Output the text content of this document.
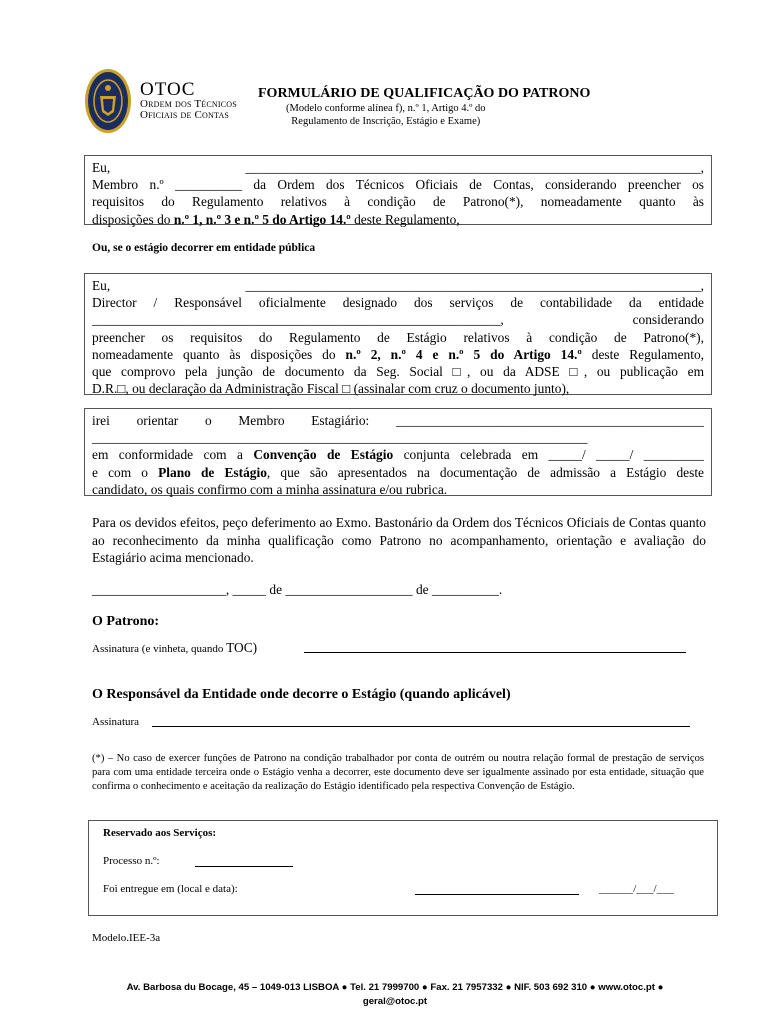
OTOC
Ordem dos Técnicos
Oficiais de Contas
FORMULÁRIO DE QUALIFICAÇÃO DO PATRONO
(Modelo conforme alínea f), n.º 1, Artigo 4.º do
Regulamento de Inscrição, Estágio e Exame)
Eu, ____________________________________________________________________,
Membro n.º __________ da Ordem dos Técnicos Oficiais de Contas, considerando preencher os
requisitos do Regulamento relativos à condição de Patrono(*), nomeadamente quanto às
disposições do n.º 1, n.º 3 e n.º 5 do Artigo 14.º deste Regulamento,
Ou, se o estágio decorrer em entidade pública
Eu, ____________________________________________________________________,
Director / Responsável oficialmente designado dos serviços de contabilidade da entidade
_____________________________________________________________, considerando
preencher os requisitos do Regulamento de Estágio relativos à condição de Patrono(*),
nomeadamente quanto às disposições do n.º 2, n.º 4 e n.º 5 do Artigo 14.º deste Regulamento,
que comprovo pela junção de documento da Seg. Social □, ou da ADSE □, ou publicação em
D.R.□, ou declaração da Administração Fiscal □ (assinalar com cruz o documento junto),
irei orientar o Membro Estagiário: ______________________________________________
__________________________________________________________________________
em conformidade com a Convenção de Estágio conjunta celebrada em _____/ _____/ _________
e com o Plano de Estágio, que são apresentados na documentação de admissão a Estágio deste
candidato, os quais confirmo com a minha assinatura e/ou rubrica.
Para os devidos efeitos, peço deferimento ao Exmo. Bastonário da Ordem dos Técnicos Oficiais de Contas quanto ao reconhecimento da minha qualificação como Patrono no acompanhamento, orientação e avaliação do Estagiário acima mencionado.
____________________, _____ de ___________________ de __________.
O Patrono:
Assinatura (e vinheta, quando TOC)
O Responsável da Entidade onde decorre o Estágio (quando aplicável)
Assinatura
(*) – No caso de exercer funções de Patrono na condição trabalhador por conta de outrém ou noutra relação formal de prestação de serviços para com uma entidade terceira onde o Estágio venha a decorrer, este documento deve ser igualmente assinado por esta entidade, situação que confirma o conhecimento e aceitação da realização do Estágio identificado pela respectiva Convenção de Estágio.
Reservado aos Serviços:
Processo n.º:
Foi entregue em (local e data):	______/___/___
Modelo.IEE-3a
Av. Barbosa du Bocage, 45 – 1049-013 LISBOA ● Tel. 21 7999700 ● Fax. 21 7957332 ● NIF. 503 692 310 ● www.otoc.pt ●
geral@otoc.pt
